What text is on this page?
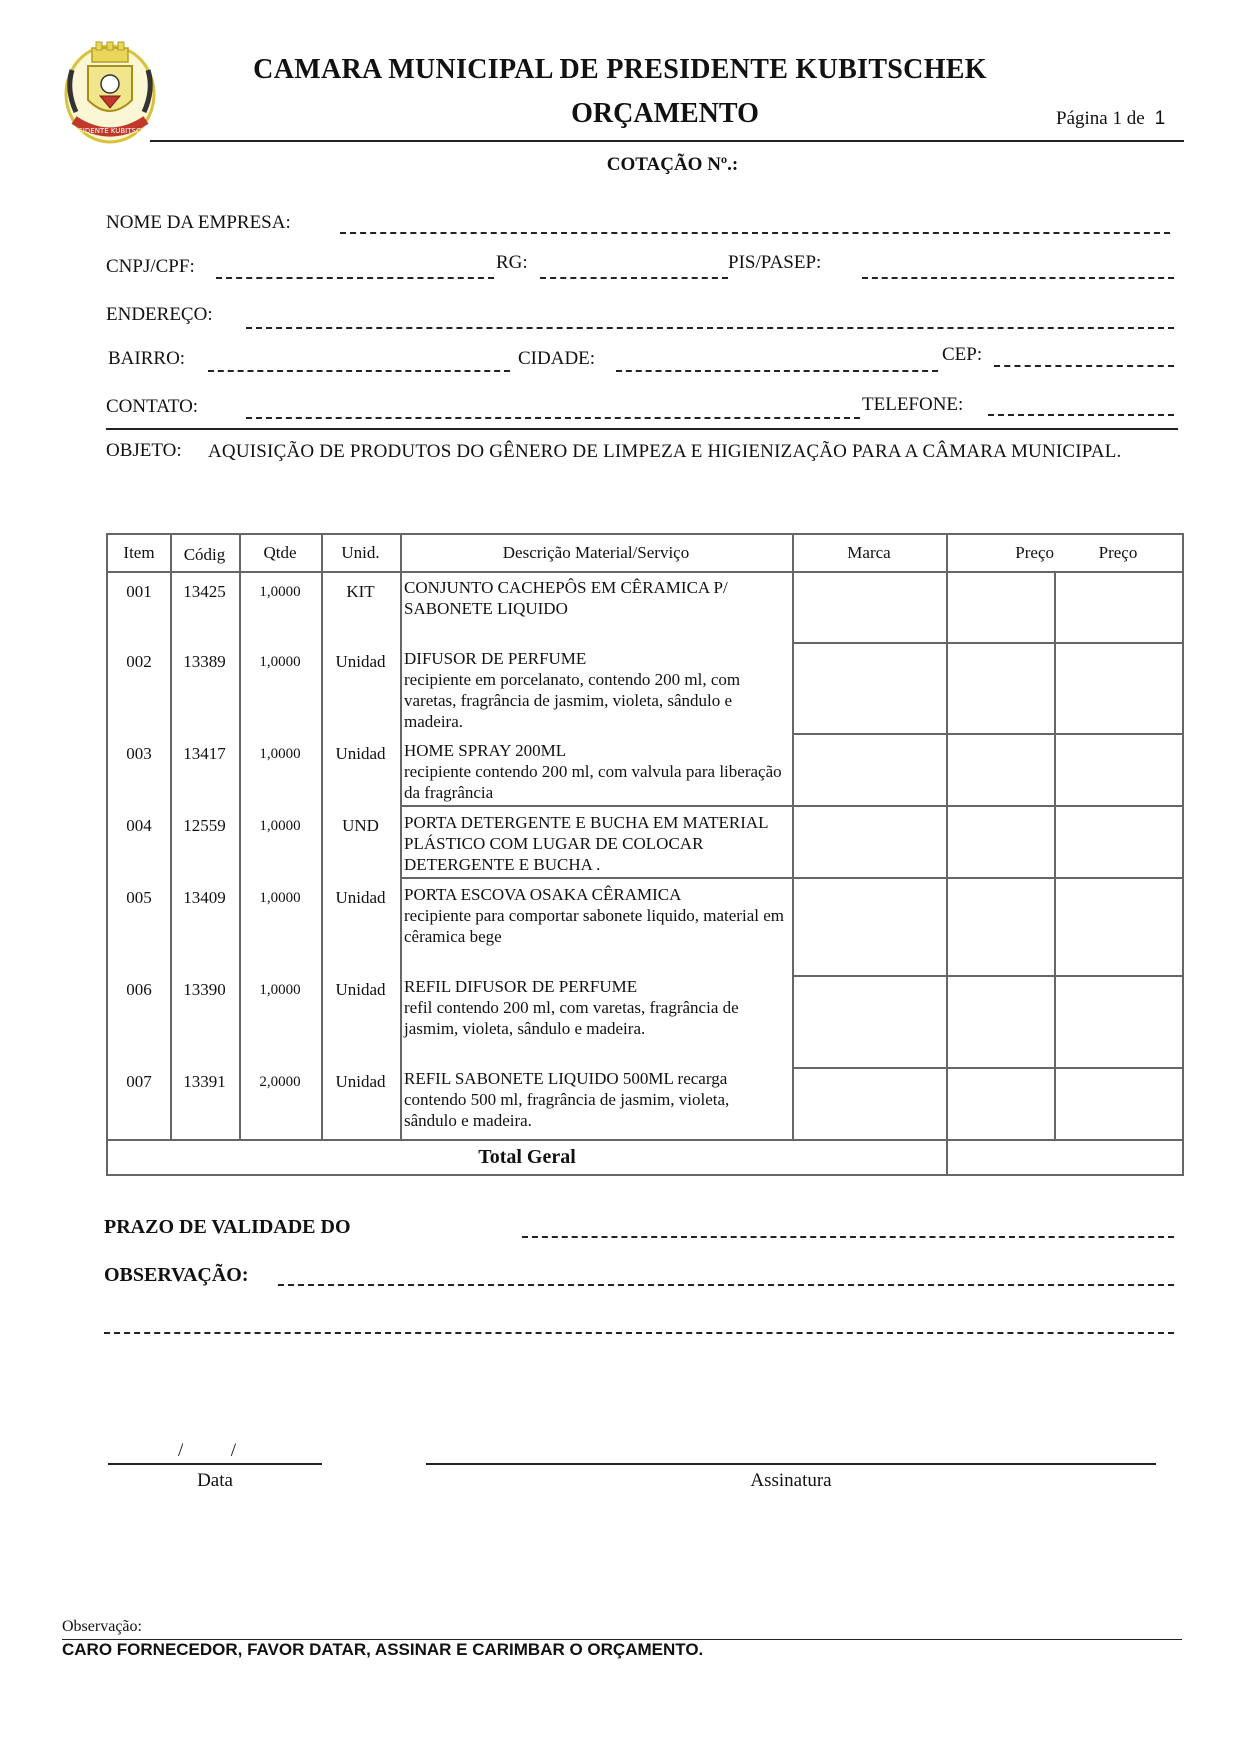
PRESIDENTE KUBITSCHEK
CAMARA MUNICIPAL DE PRESIDENTE KUBITSCHEK
ORÇAMENTO	Página 1 de 1
COTAÇÃO Nº.:
NOME DA EMPRESA:
CNPJ/CPF:	RG:	PIS/PASEP:
ENDEREÇO:
BAIRRO:	CIDADE:	CEP:
CONTATO:	TELEFONE:
OBJETO: AQUISIÇÃO DE PRODUTOS DO GÊNERO DE LIMPEZA E HIGIENIZAÇÃO PARA A CÂMARA MUNICIPAL.
Item	Códig	Qtde	Unid.	Descrição Material/Serviço	Marca	Preço	Preço
001	13425	1,0000	KIT	CONJUNTO CACHEPÔS EM CÊRAMICA P/ SABONETE LIQUIDO
002	13389	1,0000	Unidad	DIFUSOR DE PERFUME
recipiente em porcelanato, contendo 200 ml, com varetas, fragrância de jasmim, violeta, sândulo e madeira.
003	13417	1,0000	Unidad	HOME SPRAY 200ML
recipiente contendo 200 ml, com valvula para liberação da fragrância
004	12559	1,0000	UND	PORTA DETERGENTE E BUCHA EM MATERIAL PLÁSTICO COM LUGAR DE COLOCAR DETERGENTE E BUCHA .
005	13409	1,0000	Unidad	PORTA ESCOVA OSAKA CÊRAMICA
recipiente para comportar sabonete liquido, material em cêramica bege
006	13390	1,0000	Unidad	REFIL DIFUSOR DE PERFUME
refil contendo 200 ml, com varetas, fragrância de jasmim, violeta, sândulo e madeira.
007	13391	2,0000	Unidad	REFIL SABONETE LIQUIDO 500ML recarga contendo 500 ml, fragrância de jasmim, violeta, sândulo e madeira.
Total Geral
PRAZO DE VALIDADE DO
OBSERVAÇÃO:
/          /
Data	Assinatura
Observação:
CARO FORNECEDOR, FAVOR DATAR, ASSINAR E CARIMBAR O ORÇAMENTO.
